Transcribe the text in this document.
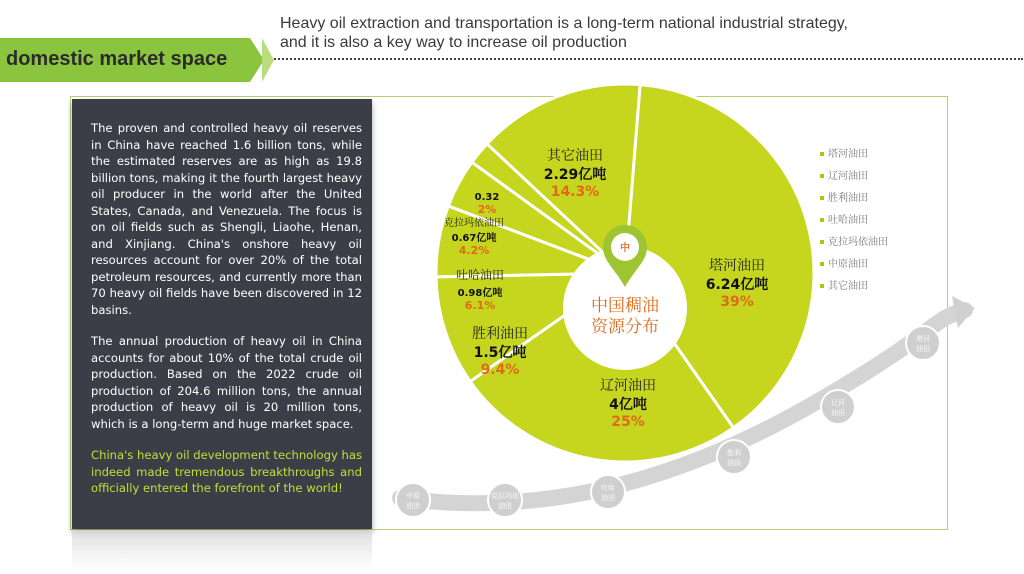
Heavy oil extraction and transportation is a long-term national industrial strategy,
and it is also a key way to increase oil production
domestic market space
中原
油田
克拉玛依
油田
吐哈
油田
胜利
油田
辽河
油田
塔河
油田
中
中国稠油
资源分布
塔河油田
6.24亿吨
39%
辽河油田
4亿吨
25%
胜利油田
1.5亿吨
9.4%
吐哈油田
0.98亿吨
6.1%
克拉玛依油田
0.67亿吨
4.2%
0.32
2%
其它油田
2.29亿吨
14.3%

The proven and controlled heavy oil reserves in China have reached 1.6 billion tons, while the estimated reserves are as high as 19.8 billion tons, making it the fourth largest heavy oil producer in the world after the United States, Canada, and Venezuela. The focus is on oil fields such as Shengli, Liaohe, Henan, and Xinjiang. China's onshore heavy oil resources account for over 20% of the total petroleum resources, and currently more than 70 heavy oil fields have been discovered in 12 basins.

The annual production of heavy oil in China accounts for about 10% of the total crude oil production. Based on the 2022 crude oil production of 204.6 million tons, the annual production of heavy oil is 20 million tons, which is a long-term and huge market space.

China's heavy oil development technology has indeed made tremendous breakthroughs and officially entered the forefront of the world!

塔河油田
辽河油田
胜利油田
吐哈油田
克拉玛依油田
中原油田
其它油田
